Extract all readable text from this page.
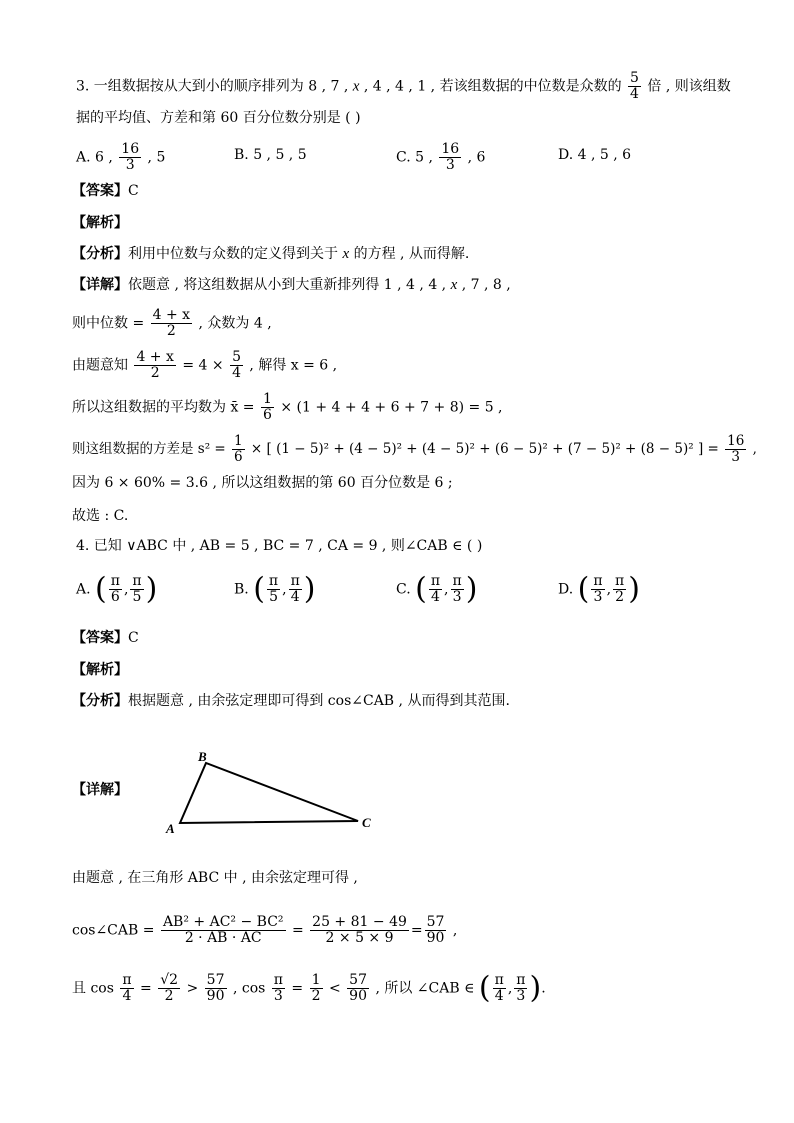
3. 一组数据按从大到小的顺序排列为 8 , 7 , x , 4 , 4 , 1 , 若该组数据的中位数是众数的 $\frac{5}{4}$ 倍 , 则该组数
据的平均值、方差和第 60 百分位数分别是 ( )
A. 6 , $\frac{16}{3}$ , 5	B. 5 , 5 , 5	C. 5 , $\frac{16}{3}$ , 6	D. 4 , 5 , 6
【答案】C
【解析】
【分析】利用中位数与众数的定义得到关于 x 的方程 , 从而得解.
【详解】依题意 , 将这组数据从小到大重新排列得 1 , 4 , 4 , x , 7 , 8 ,
则中位数 = $\frac{4 + x}{2}$ , 众数为 4 ,
由题意知 $\frac{4 + x}{2} = 4 \times \frac{5}{4}$ , 解得 x = 6 ,
所以这组数据的平均数为 x̄ = $\frac{1}{6} \times (1 + 4 + 4 + 6 + 7 + 8) = 5$ ,
则这组数据的方差是 $s^2 = \frac{1}{6}$ × [ (1 − 5)² + (4 − 5)² + (4 − 5)² + (6 − 5)² + (7 − 5)² + (8 − 5)² ] = $\frac{16}{3}$ ,
因为 6 × 60% = 3.6 , 所以这组数据的第 60 百分位数是 6 ;
故选 : C.
4. 已知 ∨ABC 中 , AB = 5 , BC = 7 , CA = 9 , 则∠CAB ∈ ( )
A. ( $\frac{\pi}{6}$ , $\frac{\pi}{5}$ )	B. ( $\frac{\pi}{5}$ , $\frac{\pi}{4}$ )	C. ( $\frac{\pi}{4}$ , $\frac{\pi}{3}$ )	D. ( $\frac{\pi}{3}$ , $\frac{\pi}{2}$ )
【答案】C
【解析】
【分析】根据题意 , 由余弦定理即可得到 cos∠CAB , 从而得到其范围.
【详解】
B
A	C
由题意 , 在三角形 ABC 中 , 由余弦定理可得 ,
cos∠CAB = $\frac{\text{AB² + AC² − BC²}}{2 \cdot AB \cdot AC} = \frac{25 + 81 - 49}{2 \times 5 \times 9} = \frac{57}{90}$ ,
且 $\cos \frac{\pi}{4} = \frac{√2}{2} > \frac{57}{90}$ , $\cos \frac{\pi}{3} = \frac{1}{2} < \frac{57}{90}$ , 所以 ∠CAB ∈ ( $\frac{\pi}{4}$ , $\frac{\pi}{3}$ ).
